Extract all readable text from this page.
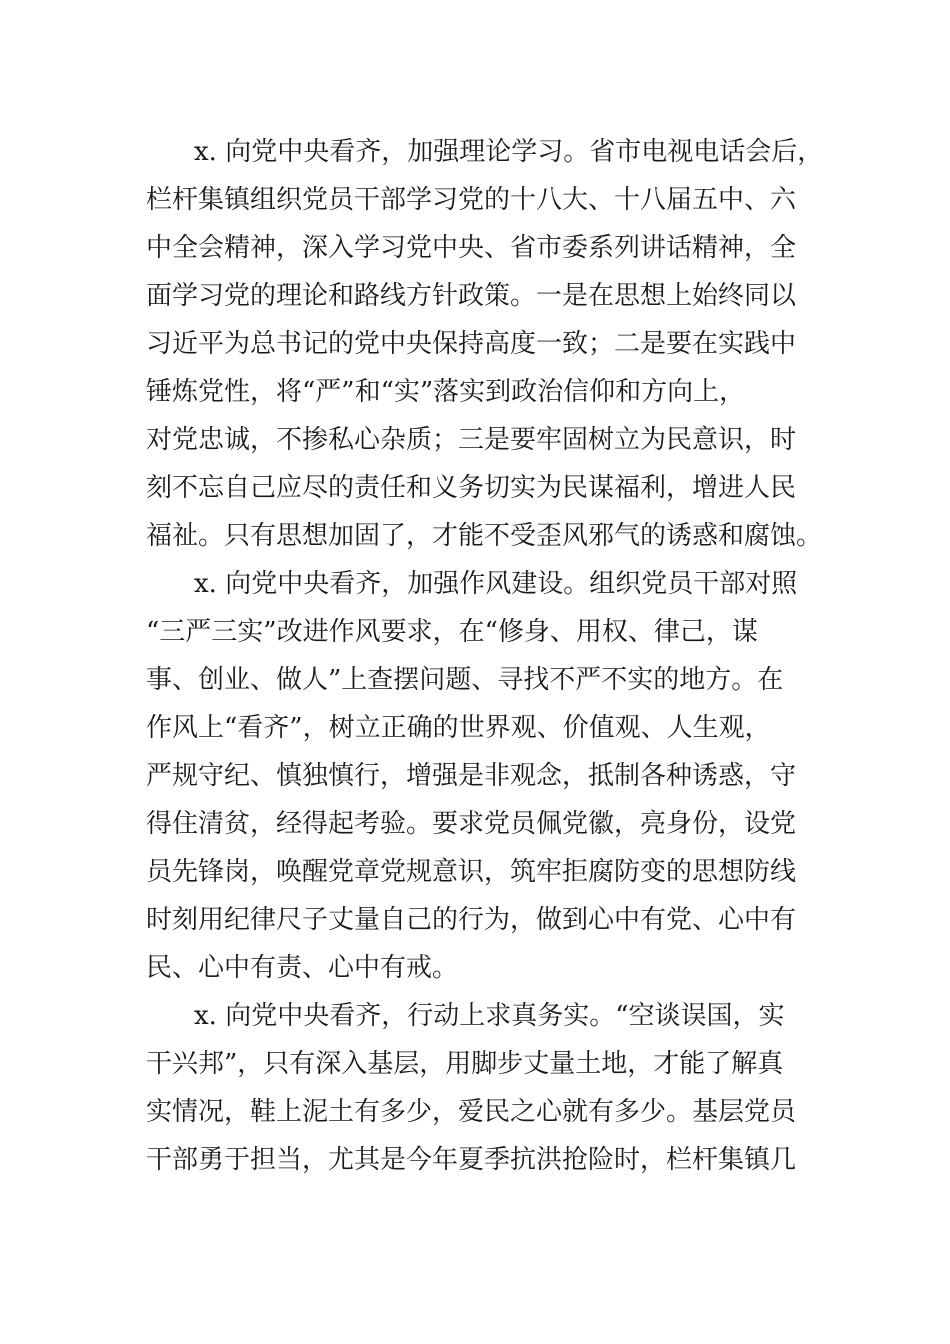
x. 向党中央看齐，加强理论学习。省市电视电话会后，
栏杆集镇组织党员干部学习党的十八大、十八届五中、六
中全会精神，深入学习党中央、省市委系列讲话精神，全
面学习党的理论和路线方针政策。一是在思想上始终同以
习近平为总书记的党中央保持高度一致；二是要在实践中
锤炼党性，将“严”和“实”落实到政治信仰和方向上，
对党忠诚，不掺私心杂质；三是要牢固树立为民意识，时
刻不忘自己应尽的责任和义务切实为民谋福利，增进人民
福祉。只有思想加固了，才能不受歪风邪气的诱惑和腐蚀。
x. 向党中央看齐，加强作风建设。组织党员干部对照
“三严三实”改进作风要求，在“修身、用权、律己，谋
事、创业、做人”上查摆问题、寻找不严不实的地方。在
作风上“看齐”，树立正确的世界观、价值观、人生观，
严规守纪、慎独慎行，增强是非观念，抵制各种诱惑，守
得住清贫，经得起考验。要求党员佩党徽，亮身份，设党
员先锋岗，唤醒党章党规意识，筑牢拒腐防变的思想防线
时刻用纪律尺子丈量自己的行为，做到心中有党、心中有
民、心中有责、心中有戒。
x. 向党中央看齐，行动上求真务实。“空谈误国，实
干兴邦”，只有深入基层，用脚步丈量土地，才能了解真
实情况，鞋上泥土有多少，爱民之心就有多少。基层党员
干部勇于担当，尤其是今年夏季抗洪抢险时，栏杆集镇几
